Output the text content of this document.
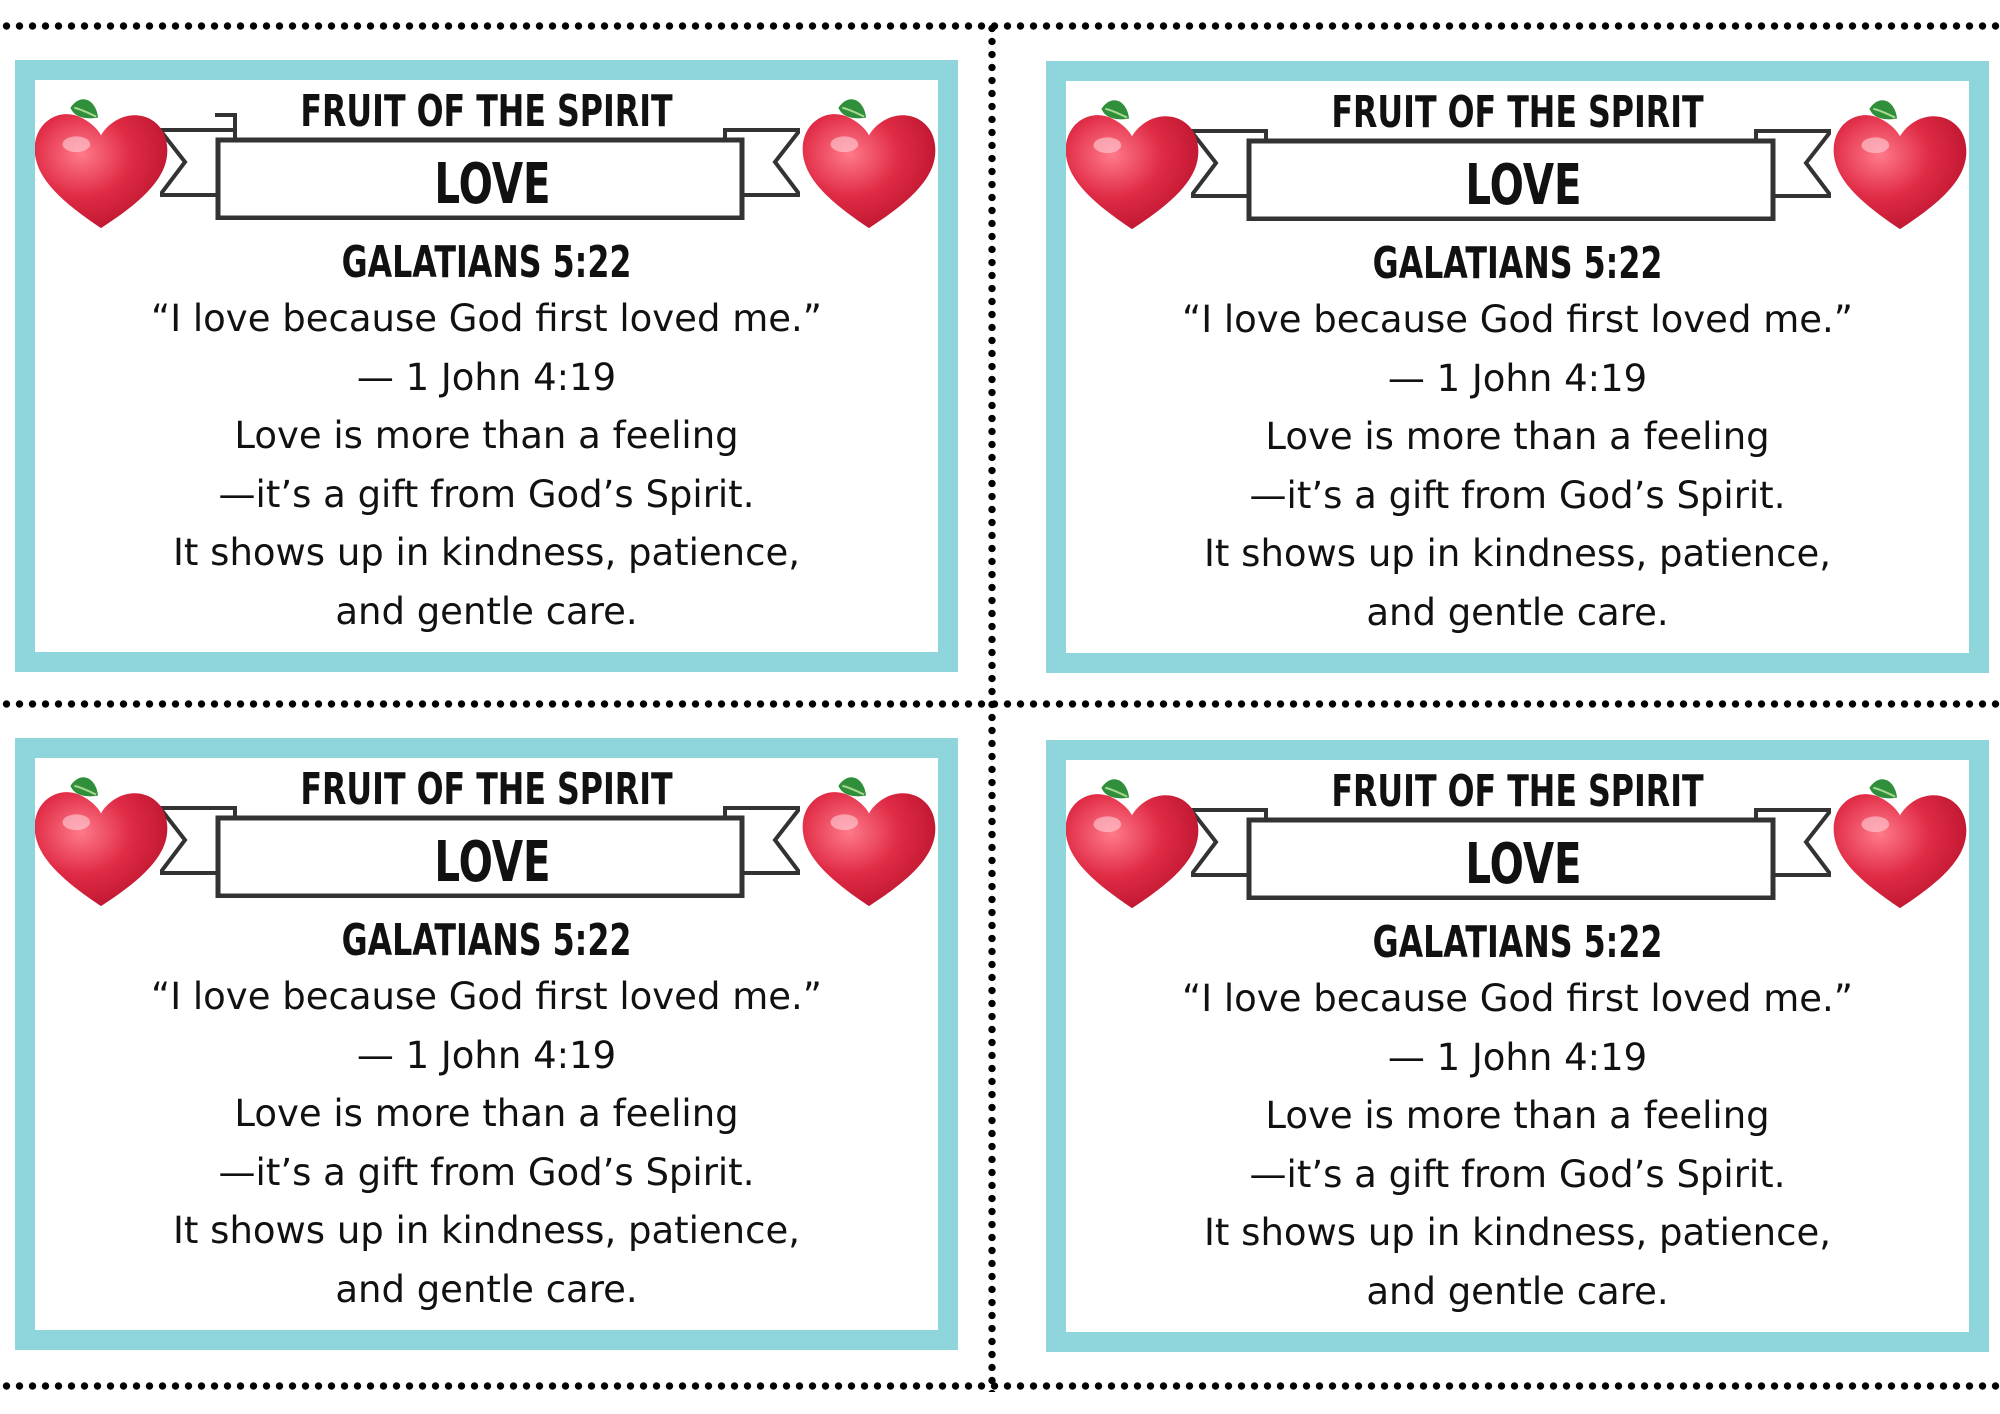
FRUIT OF THE SPIRIT
LOVE
GALATIANS 5:22
“I love because God first loved me.”
— 1 John 4:19
Love is more than a feeling
—it’s a gift from God’s Spirit.
It shows up in kindness, patience,
and gentle care.
FRUIT OF THE SPIRIT
LOVE
GALATIANS 5:22
“I love because God first loved me.”
— 1 John 4:19
Love is more than a feeling
—it’s a gift from God’s Spirit.
It shows up in kindness, patience,
and gentle care.
FRUIT OF THE SPIRIT
LOVE
GALATIANS 5:22
“I love because God first loved me.”
— 1 John 4:19
Love is more than a feeling
—it’s a gift from God’s Spirit.
It shows up in kindness, patience,
and gentle care.
FRUIT OF THE SPIRIT
LOVE
GALATIANS 5:22
“I love because God first loved me.”
— 1 John 4:19
Love is more than a feeling
—it’s a gift from God’s Spirit.
It shows up in kindness, patience,
and gentle care.
